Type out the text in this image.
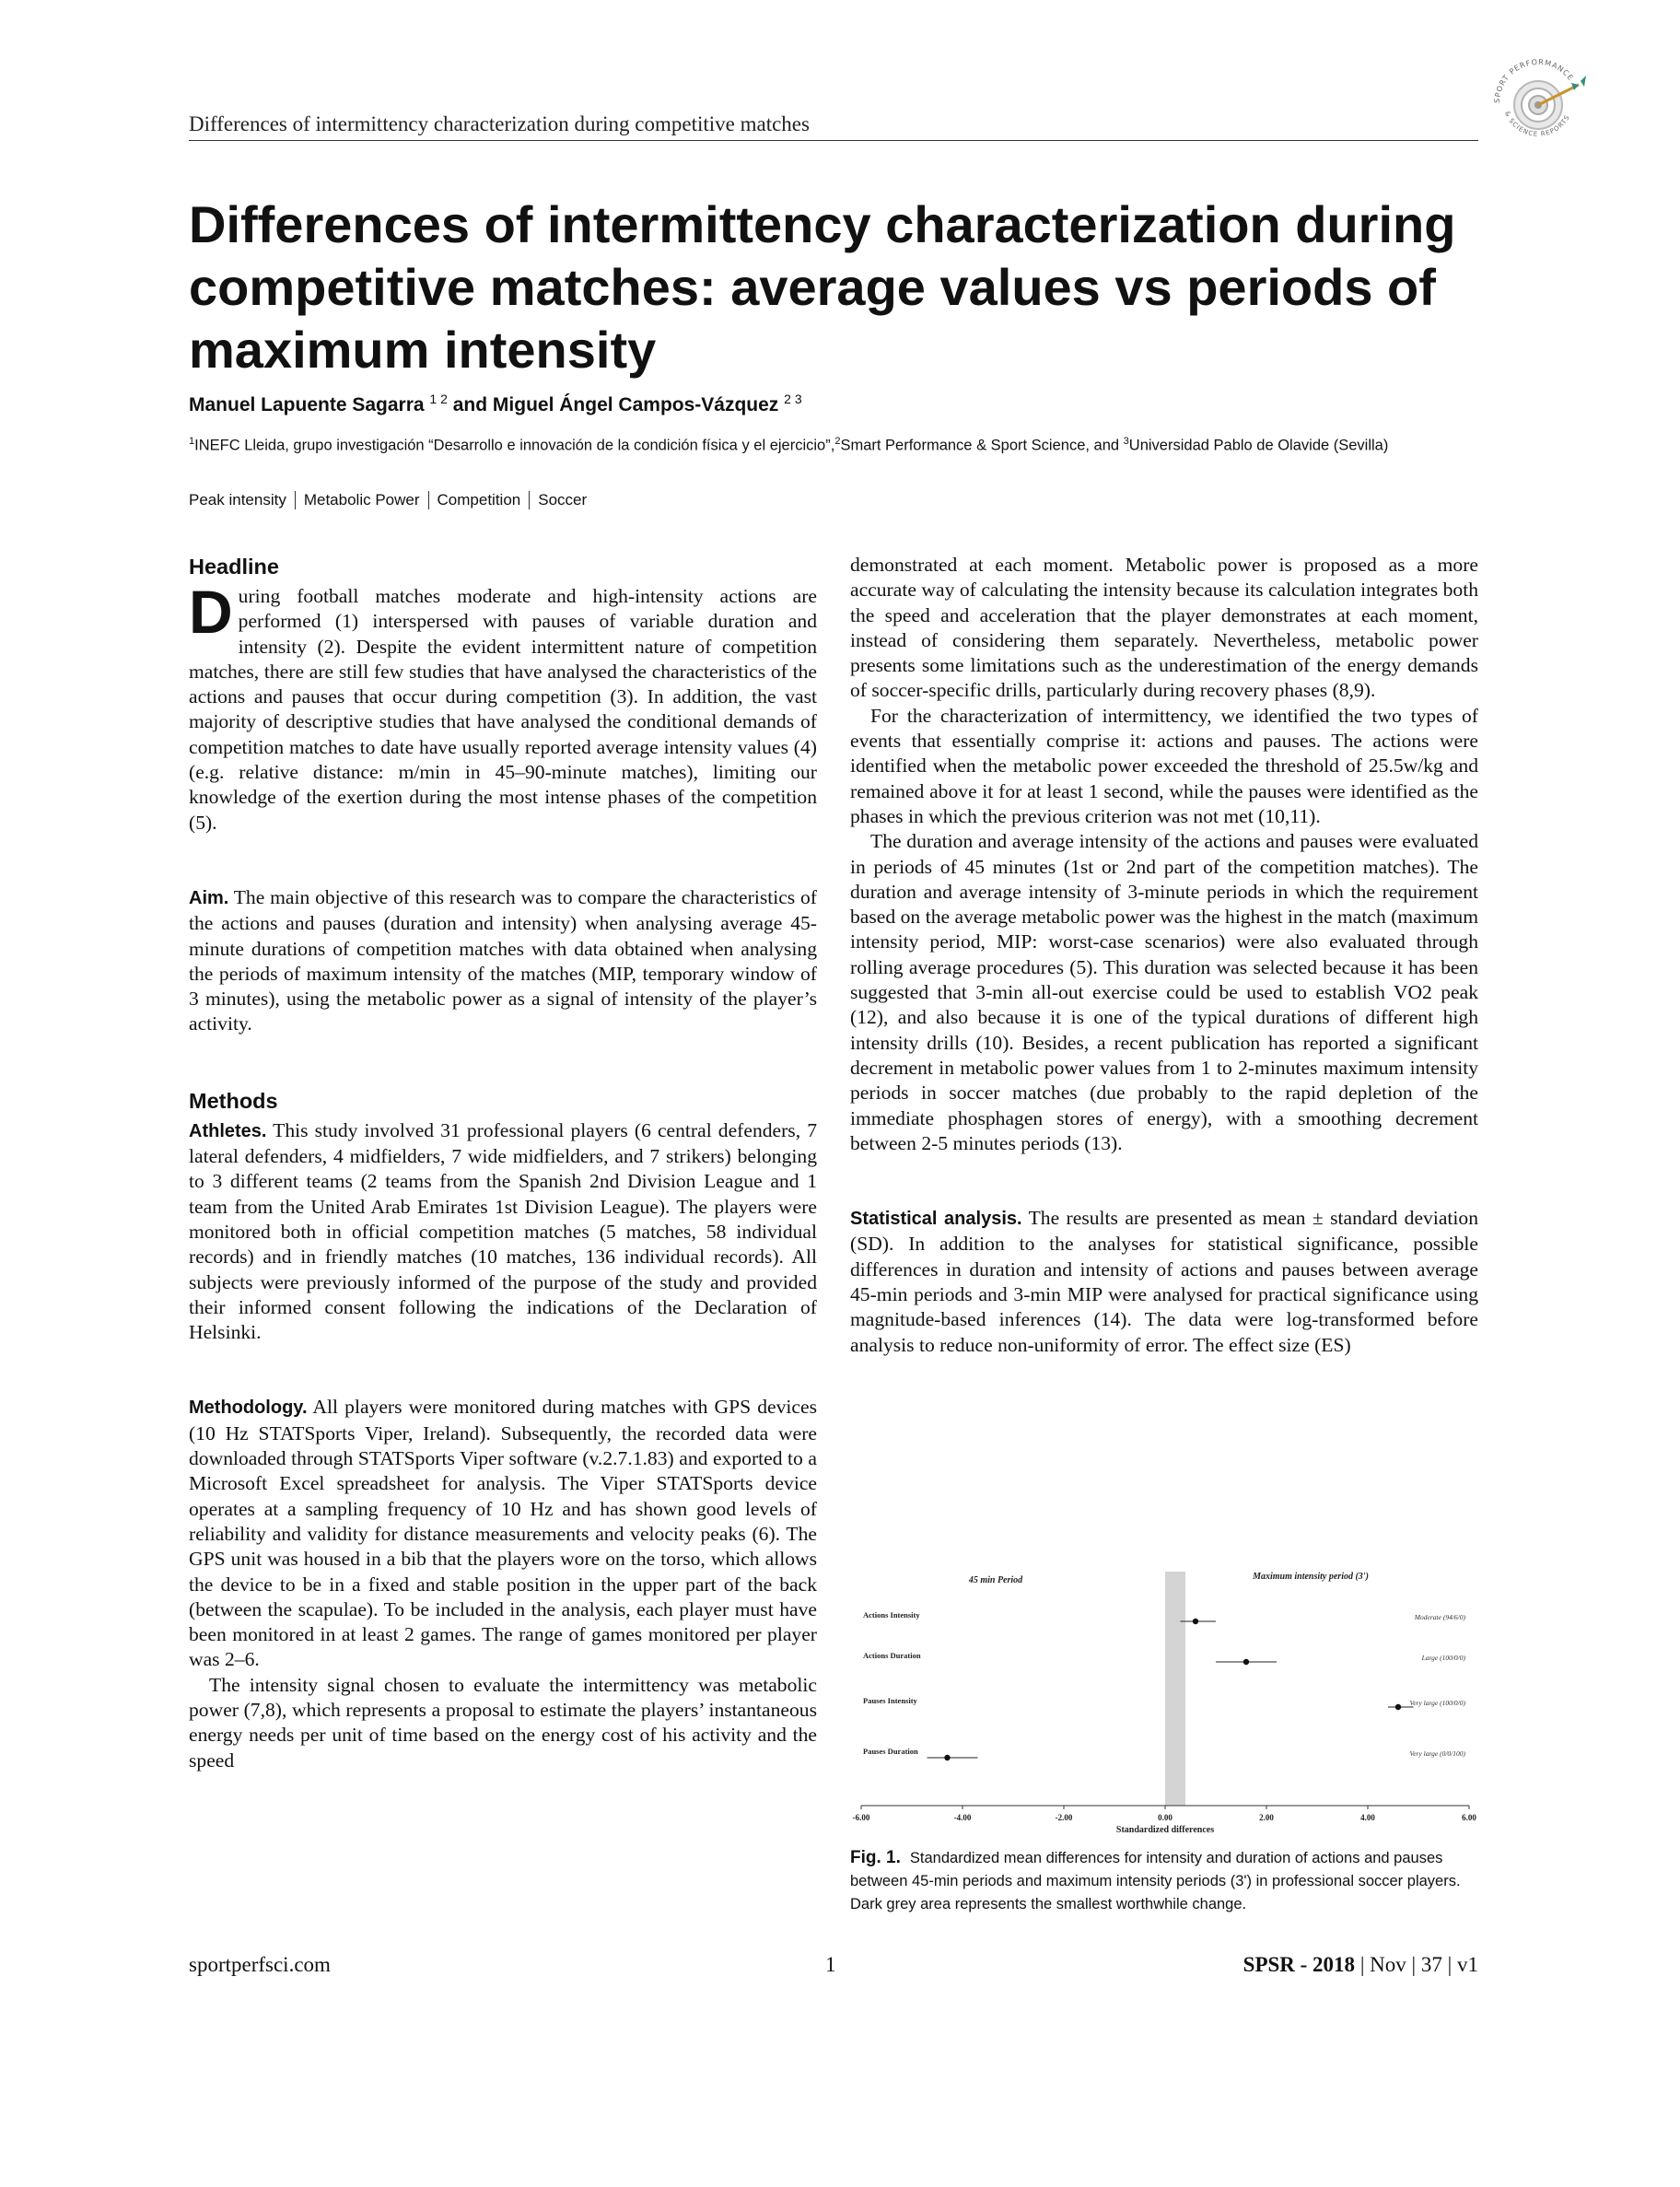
Differences of intermittency characterization during competitive matches
SPORT PERFORMANCE
& SCIENCE REPORTS
Differences of intermittency characterization during competitive matches: average values vs periods of maximum intensity
Manuel Lapuente Sagarra $^{1 2}$ and Miguel Ángel Campos-Vázquez $^{2 3}$
$^1$INEFC Lleida, grupo investigación “Desarrollo e innovación de la condición física y el ejercicio”,$^2$Smart Performance & Sport Science, and $^3$Universidad Pablo de Olavide (Sevilla)
Peak intensity Metabolic Power Competition Soccer
Headline

During football matches moderate and high-intensity actions are performed (1) interspersed with pauses of variable duration and intensity (2). Despite the evident intermittent nature of competition matches, there are still few studies that have analysed the characteristics of the actions and pauses that occur during competition (3). In addition, the vast majority of descriptive studies that have analysed the conditional demands of competition matches to date have usually reported average intensity values (4) (e.g. relative distance: m/min in 45–90-minute matches), limiting our knowledge of the exertion during the most intense phases of the competition (5).

Aim. The main objective of this research was to compare the characteristics of the actions and pauses (duration and intensity) when analysing average 45-minute durations of competition matches with data obtained when analysing the periods of maximum intensity of the matches (MIP, temporary window of 3 minutes), using the metabolic power as a signal of intensity of the player’s activity.

Methods

Athletes. This study involved 31 professional players (6 central defenders, 7 lateral defenders, 4 midfielders, 7 wide midfielders, and 7 strikers) belonging to 3 different teams (2 teams from the Spanish 2nd Division League and 1 team from the United Arab Emirates 1st Division League). The players were monitored both in official competition matches (5 matches, 58 individual records) and in friendly matches (10 matches, 136 individual records). All subjects were previously informed of the purpose of the study and provided their informed consent following the indications of the Declaration of Helsinki.

Methodology. All players were monitored during matches with GPS devices (10 Hz STATSports Viper, Ireland). Subsequently, the recorded data were downloaded through STATSports Viper software (v.2.7.1.83) and exported to a Microsoft Excel spreadsheet for analysis. The Viper STATSports device operates at a sampling frequency of 10 Hz and has shown good levels of reliability and validity for distance measurements and velocity peaks (6). The GPS unit was housed in a bib that the players wore on the torso, which allows the device to be in a fixed and stable position in the upper part of the back (between the scapulae). To be included in the analysis, each player must have been monitored in at least 2 games. The range of games monitored per player was 2–6.

The intensity signal chosen to evaluate the intermittency was metabolic power (7,8), which represents a proposal to estimate the players’ instantaneous energy needs per unit of time based on the energy cost of his activity and the speed

demonstrated at each moment. Metabolic power is proposed as a more accurate way of calculating the intensity because its calculation integrates both the speed and acceleration that the player demonstrates at each moment, instead of considering them separately. Nevertheless, metabolic power presents some limitations such as the underestimation of the energy demands of soccer-specific drills, particularly during recovery phases (8,9).

For the characterization of intermittency, we identified the two types of events that essentially comprise it: actions and pauses. The actions were identified when the metabolic power exceeded the threshold of 25.5w/kg and remained above it for at least 1 second, while the pauses were identified as the phases in which the previous criterion was not met (10,11).

The duration and average intensity of the actions and pauses were evaluated in periods of 45 minutes (1st or 2nd part of the competition matches). The duration and average intensity of 3-minute periods in which the requirement based on the average metabolic power was the highest in the match (maximum intensity period, MIP: worst-case scenarios) were also evaluated through rolling average procedures (5). This duration was selected because it has been suggested that 3-min all-out exercise could be used to establish VO2 peak (12), and also because it is one of the typical durations of different high intensity drills (10). Besides, a recent publication has reported a significant decrement in metabolic power values from 1 to 2-minutes maximum intensity periods in soccer matches (due probably to the rapid depletion of the immediate phosphagen stores of energy), with a smoothing decrement between 2-5 minutes periods (13).

Statistical analysis. The results are presented as mean ± standard deviation (SD). In addition to the analyses for statistical significance, possible differences in duration and intensity of actions and pauses between average 45-min periods and 3-min MIP were analysed for practical significance using magnitude-based inferences (14). The data were log-transformed before analysis to reduce non-uniformity of error. The effect size (ES)

45 min Period	Maximum intensity period (3')
-6.00	-4.00	-2.00	0.00	2.00	4.00	6.00
Standardized differences
Actions Intensity	Moderate (94/6/0)
Actions Duration	Large (100/0/0)
Pauses Intensity	Very large (100/0/0)
Pauses Duration	Very large (0/0/100)
Fig. 1. Standardized mean differences for intensity and duration of actions and pauses between 45-min periods and maximum intensity periods (3') in professional soccer players. Dark grey area represents the smallest worthwhile change.
sportperfsci.com	1	SPSR - 2018 | Nov | 37 | v1
